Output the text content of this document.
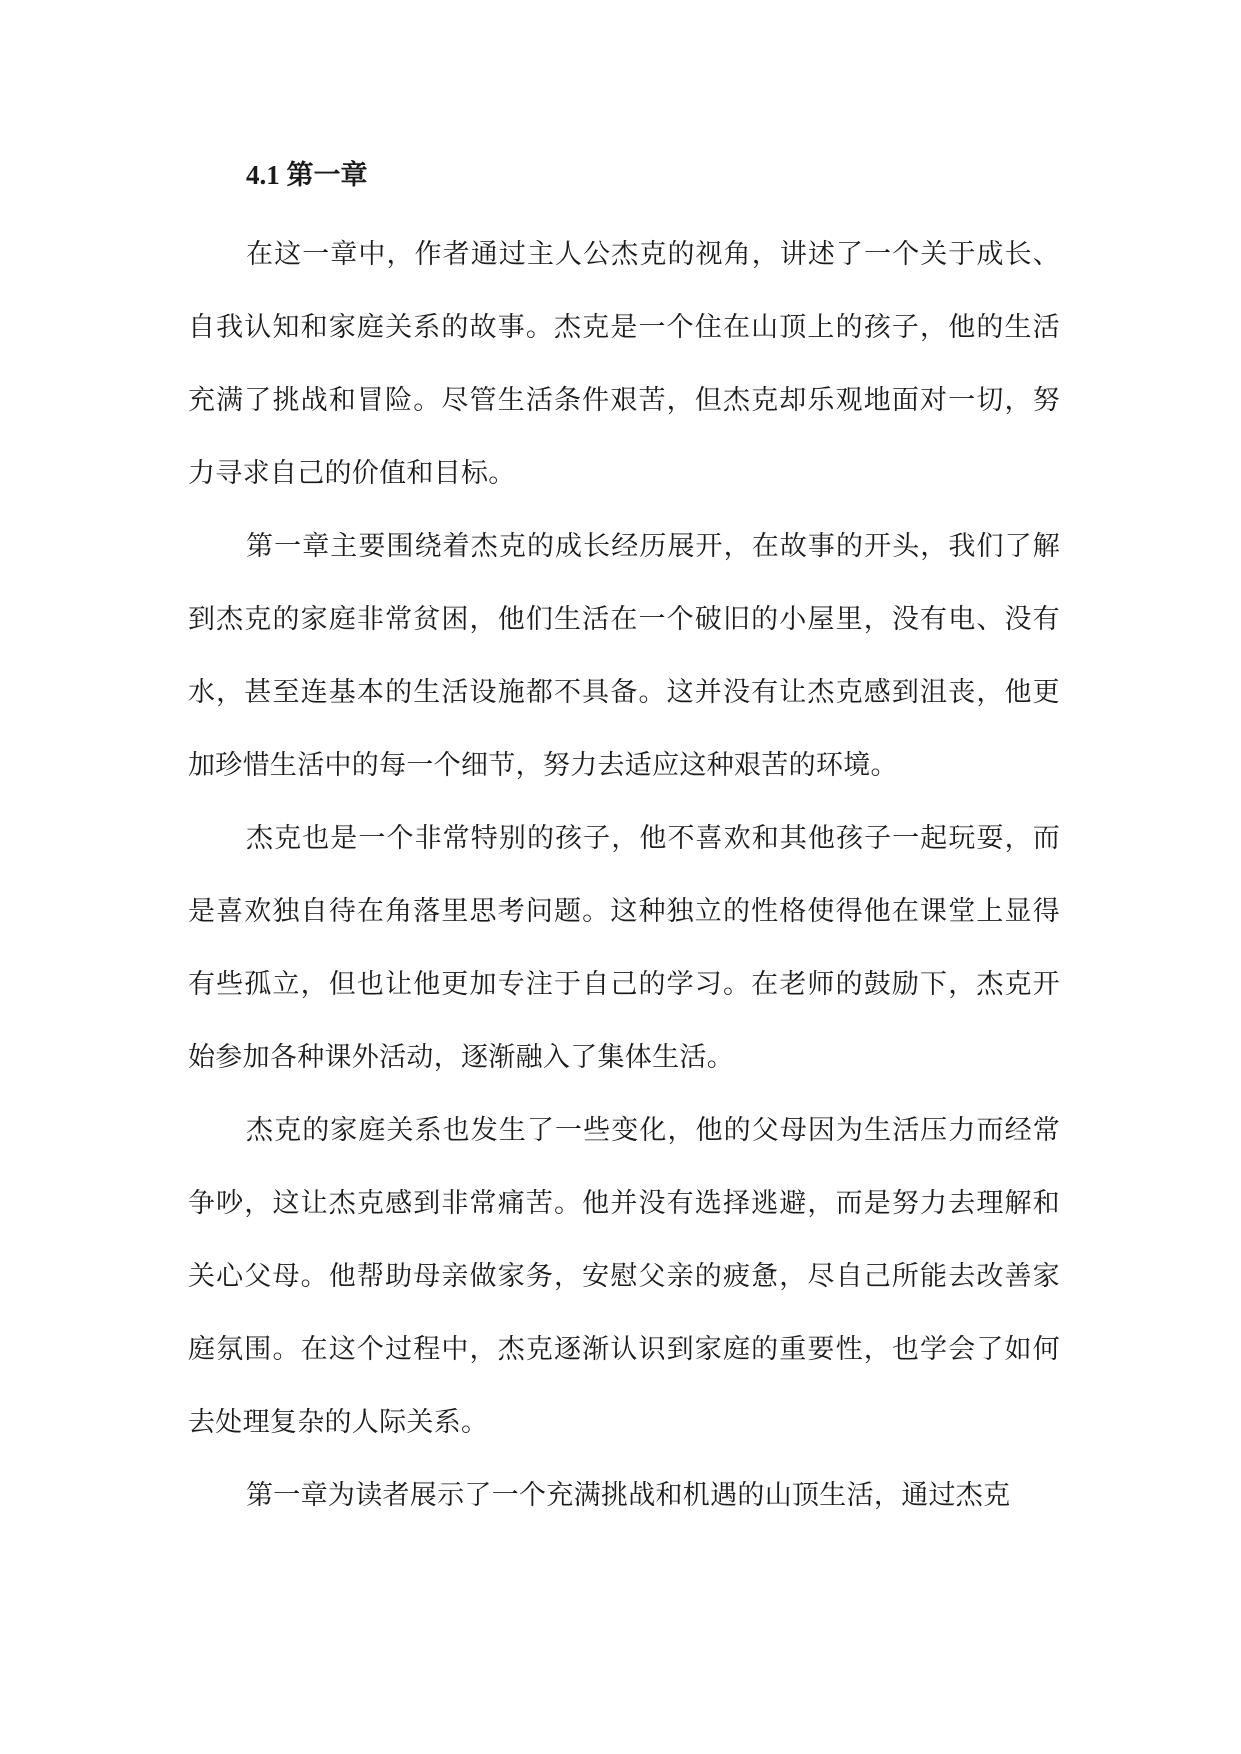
4.1 第一章

在这一章中，作者通过主人公杰克的视角，讲述了一个关于成长、自我认知和家庭关系的故事。杰克是一个住在山顶上的孩子，他的生活充满了挑战和冒险。尽管生活条件艰苦，但杰克却乐观地面对一切，努力寻求自己的价值和目标。

第一章主要围绕着杰克的成长经历展开，在故事的开头，我们了解到杰克的家庭非常贫困，他们生活在一个破旧的小屋里，没有电、没有水，甚至连基本的生活设施都不具备。这并没有让杰克感到沮丧，他更加珍惜生活中的每一个细节，努力去适应这种艰苦的环境。

杰克也是一个非常特别的孩子，他不喜欢和其他孩子一起玩耍，而是喜欢独自待在角落里思考问题。这种独立的性格使得他在课堂上显得有些孤立，但也让他更加专注于自己的学习。在老师的鼓励下，杰克开始参加各种课外活动，逐渐融入了集体生活。

杰克的家庭关系也发生了一些变化，他的父母因为生活压力而经常争吵，这让杰克感到非常痛苦。他并没有选择逃避，而是努力去理解和关心父母。他帮助母亲做家务，安慰父亲的疲惫，尽自己所能去改善家庭氛围。在这个过程中，杰克逐渐认识到家庭的重要性，也学会了如何去处理复杂的人际关系。

第一章为读者展示了一个充满挑战和机遇的山顶生活，通过杰克
